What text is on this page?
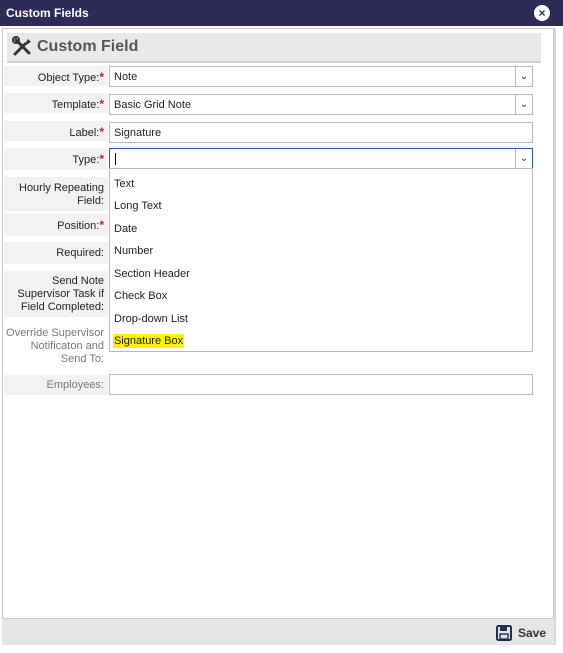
Custom Fields	×
Custom Field
Object Type:* Note	⌄
Template:* Basic Grid Note	⌄
Label:* Signature
Type:*	⌄
Text
Long Text
Date
Number
Section Header
Check Box
Drop-down List
Signature Box
Hourly Repeating Field:
Position:*
Required:
Send Note Supervisor Task if Field Completed:
Override Supervisor Notificaton and Send To:
Employees:
Save
